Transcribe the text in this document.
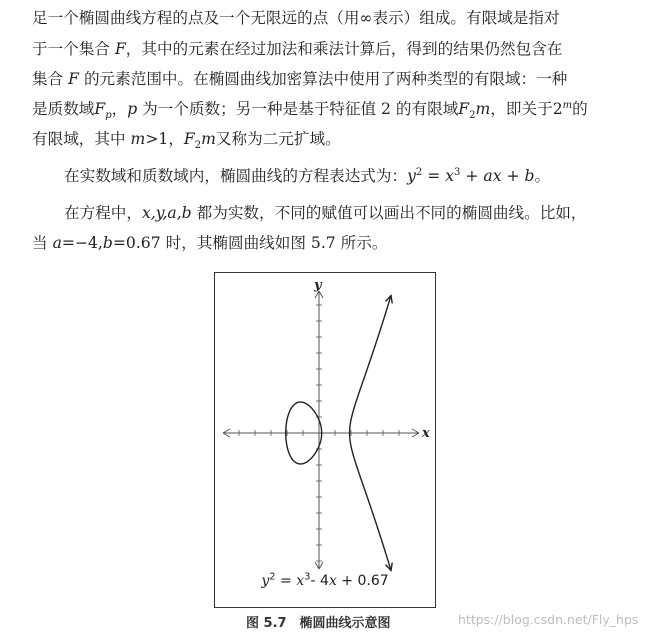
足一个椭圆曲线方程的点及一个无限远的点（用∞表示）组成。有限域是指对
于一个集合 F，其中的元素在经过加法和乘法计算后，得到的结果仍然包含在
集合 F 的元素范围中。在椭圆曲线加密算法中使用了两种类型的有限域：一种
是质数域$F_p$，p 为一个质数；另一种是基于特征值 2 的有限域$F_2m$，即关于2$^m$的
有限域，其中 m>1，$F_2m$又称为二元扩域。
在实数域和质数域内，椭圆曲线的方程表达式为：$y^2 = x^3$ + ax + b。
在方程中，x,y,a,b 都为实数，不同的赋值可以画出不同的椭圆曲线。比如，
当 a=−4,b=0.67 时，其椭圆曲线如图 5.7 所示。
y
x
$y^2 = x^3-$ 4x + 0.67
图 5.7　椭圆曲线示意图	https://blog.csdn.net/Fly_hps
